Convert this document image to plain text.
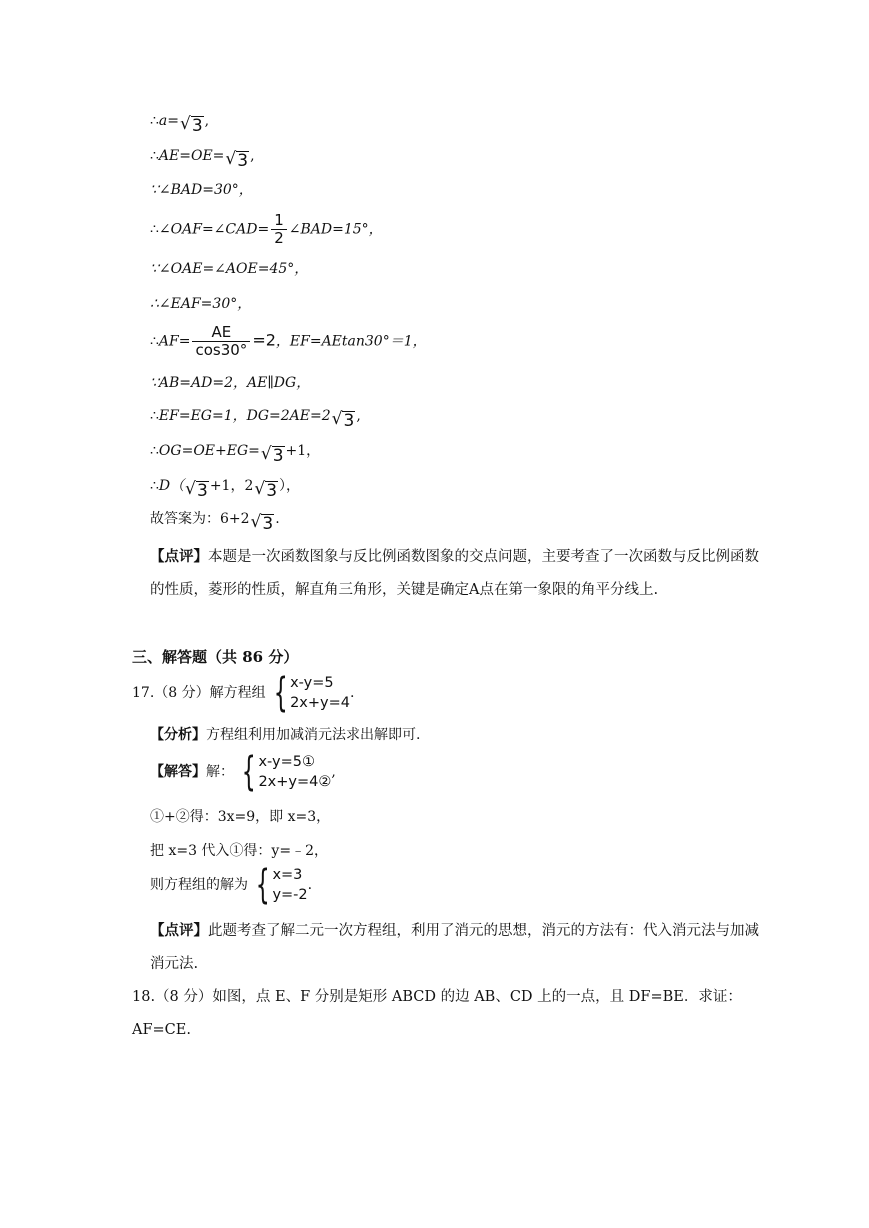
∴a= √ 3 ,
∴AE=OE= √ 3 ,
∵∠BAD=30°，
∴∠OAF=∠CAD= $\frac{1}{2}$ ∠BAD=15°，
∵∠OAE=∠AOE=45°，
∴∠EAF=30°，
∴AF= $\frac{AE}{\cos 30^\circ} =2$，EF=AEtan30°＝1，
∵AB=AD=2，AE∥DG，
∴EF=EG=1，DG=2AE=2 √ 3 ,
∴OG=OE+EG= √ 3 +1，
∴D（ √ 3 +1，2 √ 3 ），
故答案为：6+2 √ 3 .
【点评】本题是一次函数图象与反比例函数图象的交点问题，主要考查了一次函数与反比例函数的性质，菱形的性质，解直角三角形，关键是确定A点在第一象限的角平分线上.
三、解答题（共 86 分）
17.（8 分）解方程组 { x-y=5
2x+y=4
.
【分析】方程组利用加减消元法求出解即可.
【解答】解： { x-y=5①
2x+y=4②
,
①+②得：3x=9，即 x=3，
把 x=3 代入①得：y=﹣2，
则方程组的解为 { x=3
y=-2
.
【点评】此题考查了解二元一次方程组，利用了消元的思想，消元的方法有：代入消元法与加减消元法.
18.（8 分）如图，点 E、F 分别是矩形 ABCD 的边 AB、CD 上的一点，且 DF=BE．求证：AF=CE.
